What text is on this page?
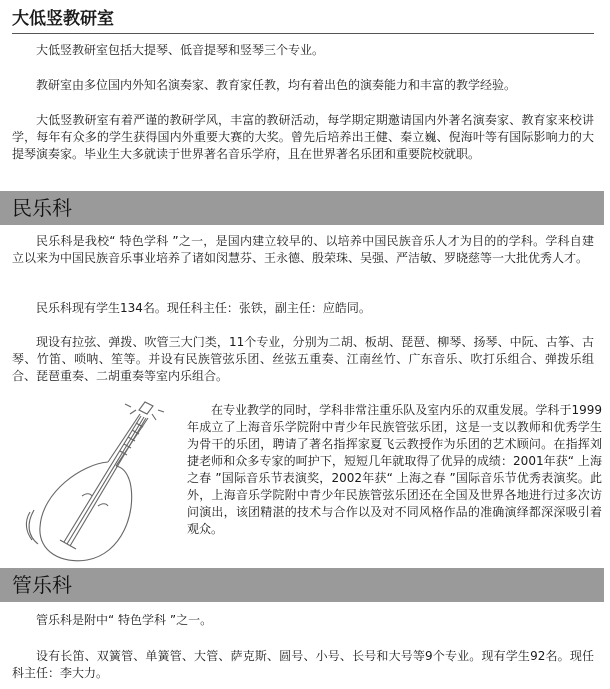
大低竖教研室

大低竖教研室包括大提琴、低音提琴和竖琴三个专业。

教研室由多位国内外知名演奏家、教育家任教，均有着出色的演奏能力和丰富的教学经验。

大低竖教研室有着严谨的教研学风，丰富的教研活动，每学期定期邀请国内外著名演奏家、教育家来校讲学，每年有众多的学生获得国内外重要大赛的大奖。曾先后培养出王健、秦立巍、倪海叶等有国际影响力的大提琴演奏家。毕业生大多就读于世界著名音乐学府，且在世界著名乐团和重要院校就职。

民乐科

民乐科是我校“ 特色学科 ”之一，是国内建立较早的、以培养中国民族音乐人才为目的的学科。学科自建立以来为中国民族音乐事业培养了诸如闵慧芬、王永德、殷荣珠、吴强、严洁敏、罗晓慈等一大批优秀人才。

民乐科现有学生134名。现任科主任：张铁，副主任：应皓同。

现设有拉弦、弹拨、吹管三大门类，11个专业，分别为二胡、板胡、琵琶、柳琴、扬琴、中阮、古筝、古琴、竹笛、唢呐、笙等。并设有民族管弦乐团、丝弦五重奏、江南丝竹、广东音乐、吹打乐组合、弹拨乐组合、琵琶重奏、二胡重奏等室内乐组合。

在专业教学的同时，学科非常注重乐队及室内乐的双重发展。学科于1999年成立了上海音乐学院附中青少年民族管弦乐团，这是一支以教师和优秀学生为骨干的乐团，聘请了著名指挥家夏飞云教授作为乐团的艺术顾问。在指挥刘捷老师和众多专家的呵护下，短短几年就取得了优异的成绩：2001年获“ 上海之春 ”国际音乐节表演奖，2002年获“ 上海之春 ”国际音乐节优秀表演奖。此外，上海音乐学院附中青少年民族管弦乐团还在全国及世界各地进行过多次访问演出，该团精湛的技术与合作以及对不同风格作品的准确演绎都深深吸引着观众。

管乐科

管乐科是附中“ 特色学科 ”之一。

设有长笛、双簧管、单簧管、大管、萨克斯、圆号、小号、长号和大号等9个专业。现有学生92名。现任科主任：李大力。
